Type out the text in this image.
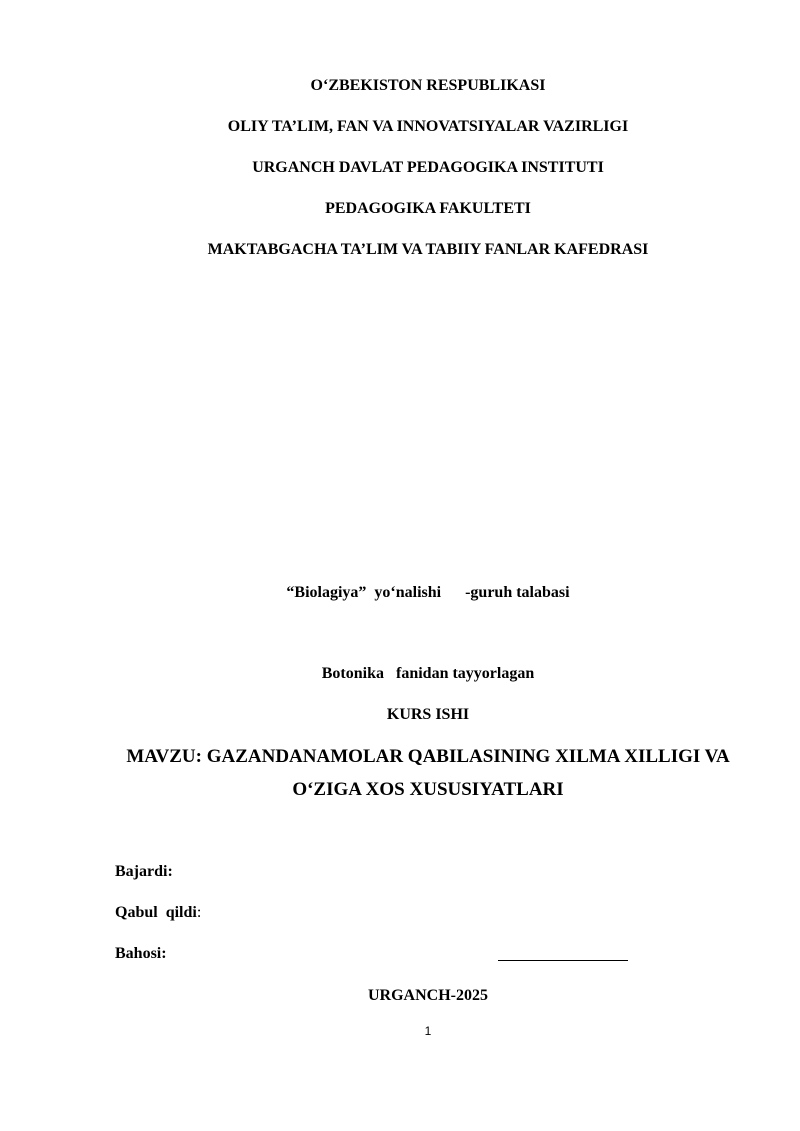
O‘ZBEKISTON RESPUBLIKASI
OLIY TA’LIM, FAN VA INNOVATSIYALAR VAZIRLIGI
URGANCH DAVLAT PEDAGOGIKA INSTITUTI
PEDAGOGIKA FAKULTETI
MAKTABGACHA TA’LIM VA TABIIY FANLAR KAFEDRASI
“Biolagiya”  yo‘nalishi      -guruh talabasi
Botonika   fanidan tayyorlagan
KURS ISHI
MAVZU: GAZANDANAMOLAR QABILASINING XILMA XILLIGI VA
O‘ZIGA XOS XUSUSIYATLARI
Bajardi:
Qabul  qildi:
Bahosi:
URGANCH-2025
1
